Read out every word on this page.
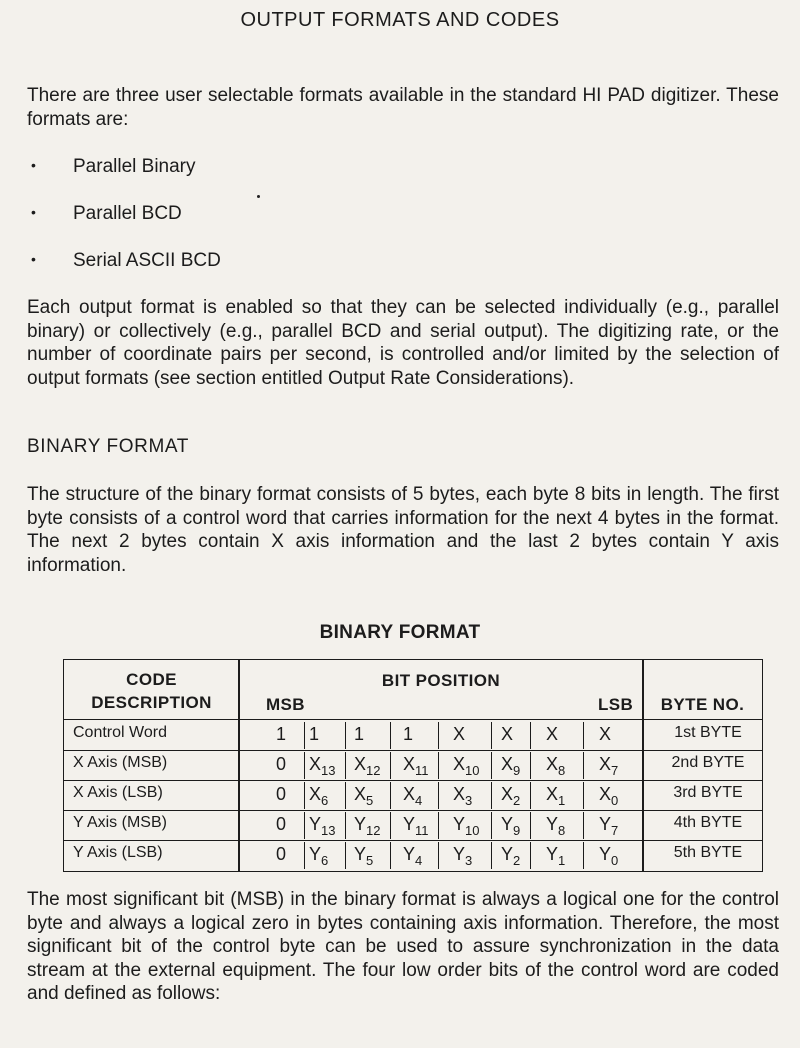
OUTPUT FORMATS AND CODES

There are three user selectable formats available in the standard HI PAD digitizer. These formats are:

• Parallel Binary
• Parallel BCD
• Serial ASCII BCD

Each output format is enabled so that they can be selected individually (e.g., parallel binary) or collectively (e.g., parallel BCD and serial output). The digitizing rate, or the number of coordinate pairs per second, is controlled and/or limited by the selection of output formats (see section entitled Output Rate Considerations).

BINARY FORMAT

The structure of the binary format consists of 5 bytes, each byte 8 bits in length. The first byte consists of a control word that carries information for the next 4 bytes in the format. The next 2 bytes contain X axis information and the last 2 bytes contain Y axis information.

BINARY FORMAT
CODE
DESCRIPTION
BIT POSITION
MSB	LSB	BYTE NO.
Control Word	1 1 1 1 X X X X	1st BYTE
X Axis (MSB)	0 $X_{13}$ $X_{12}$ $X_{11}$ $X_{10}$ $X_9$ $X_8$ $X_7$	2nd BYTE
X Axis (LSB)	0 $X_6$ $X_5$ $X_4$ $X_3$ $X_2$ $X_1$ $X_0$	3rd BYTE
Y Axis (MSB)	0 $Y_{13}$ $Y_{12}$ $Y_{11}$ $Y_{10}$ $Y_9$ $Y_8$ $Y_7$	4th BYTE
Y Axis (LSB)	0 $Y_6$ $Y_5$ $Y_4$ $Y_3$ $Y_2$ $Y_1$ $Y_0$	5th BYTE

The most significant bit (MSB) in the binary format is always a logical one for the control byte and always a logical zero in bytes containing axis information. Therefore, the most significant bit of the control byte can be used to assure synchronization in the data stream at the external equipment. The four low order bits of the control word are coded and defined as follows:
